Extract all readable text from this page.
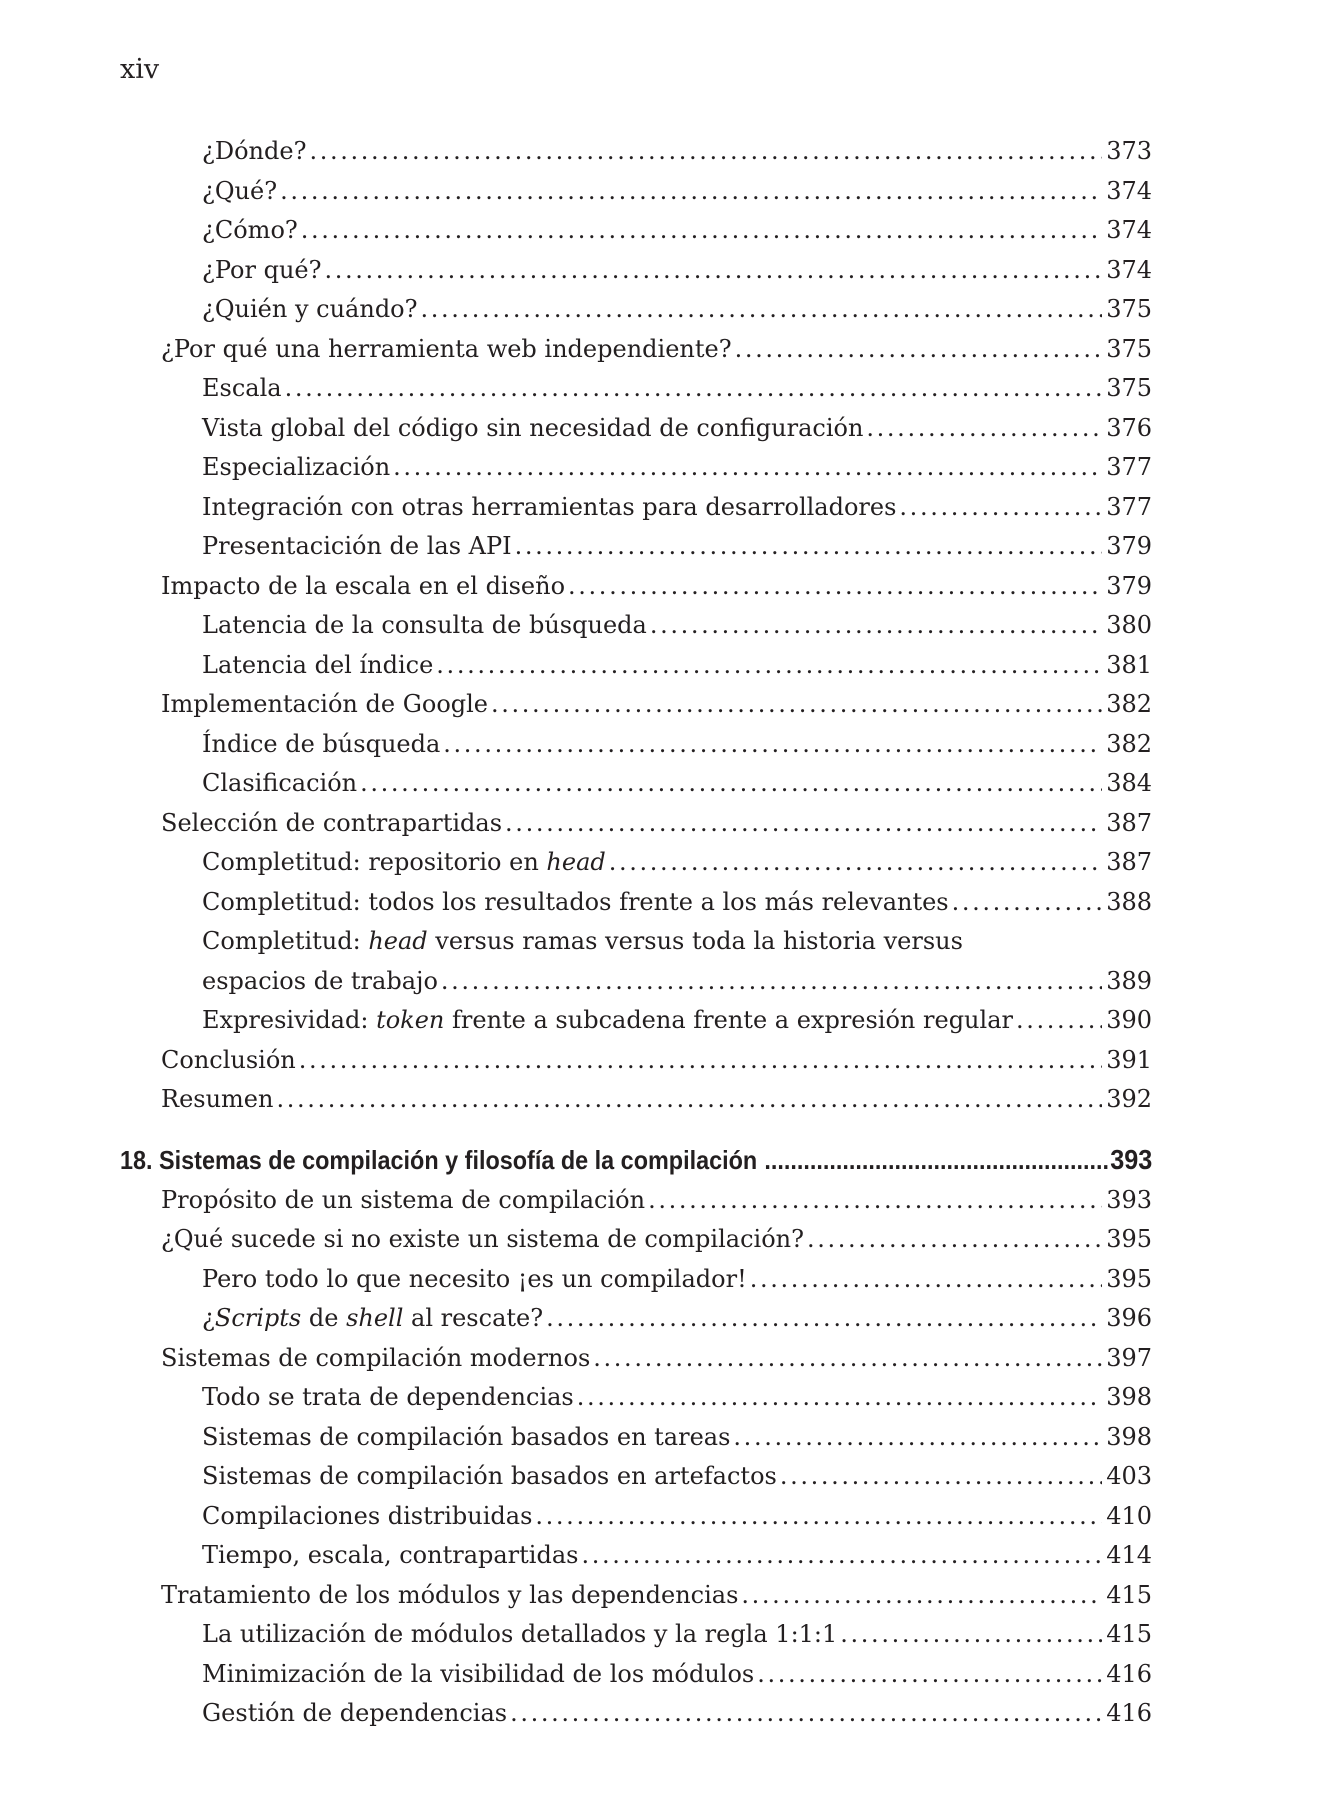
xiv
¿Dónde? . . .	373
¿Qué? . . .	374
¿Cómo? . . .	374
¿Por qué? . . .	374
¿Quién y cuándo? . . .	375
¿Por qué una herramienta web independiente? . . .	375
Escala . . .	375
Vista global del código sin necesidad de configuración . . .	376
Especialización . . .	377
Integración con otras herramientas para desarrolladores . . .	377
Presentacición de las API . . .	379
Impacto de la escala en el diseño . . .	379
Latencia de la consulta de búsqueda . . .	380
Latencia del índice . . .	381
Implementación de Google . . .	382
Índice de búsqueda . . .	382
Clasificación . . .	384
Selección de contrapartidas . . .	387
Completitud: repositorio en head . . .	387
Completitud: todos los resultados frente a los más relevantes . . .	388
Completitud: head versus ramas versus toda la historia versus
espacios de trabajo . . .	389
Expresividad: token frente a subcadena frente a expresión regular . . .	390
Conclusión . . .	391
Resumen . . .	392
18. Sistemas de compilación y filosofía de la compilación .....	393
Propósito de un sistema de compilación . . .	393
¿Qué sucede si no existe un sistema de compilación? . . .	395
Pero todo lo que necesito ¡es un compilador! . . .	395
¿Scripts de shell al rescate? . . .	396
Sistemas de compilación modernos . . .	397
Todo se trata de dependencias . . .	398
Sistemas de compilación basados en tareas . . .	398
Sistemas de compilación basados en artefactos . . .	403
Compilaciones distribuidas . . .	410
Tiempo, escala, contrapartidas . . .	414
Tratamiento de los módulos y las dependencias . . .	415
La utilización de módulos detallados y la regla 1:1:1 . . .	415
Minimización de la visibilidad de los módulos . . .	416
Gestión de dependencias . . .	416
